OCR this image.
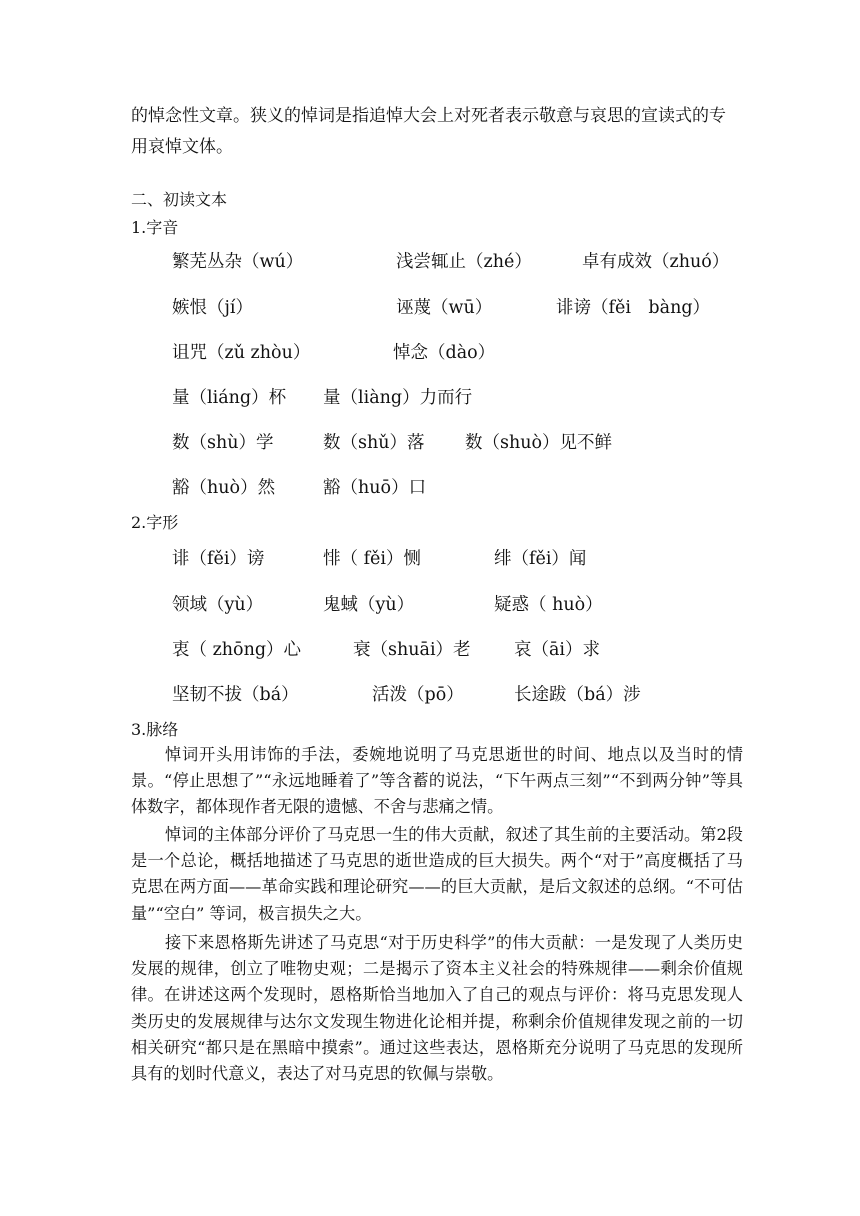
的悼念性文章。狭义的悼词是指追悼大会上对死者表示敬意与哀思的宣读式的专
用哀悼文体。
二、初读文本
1.字音
繁芜丛杂（wú）	浅尝辄止（zhé）	卓有成效（zhuó）
嫉恨（jí）	诬蔑（wū）	诽谤（fěi　bàng）
诅咒（zǔ zhòu）	悼念（dào）
量（liáng）杯 量（liàng）力而行
数（shù）学	数（shǔ）落 数（shuò）见不鲜
豁（huò）然	豁（huō）口
2.字形
诽（fěi）谤	悱（ fěi）恻	绯（fěi）闻
领域（yù）	鬼蜮（yù）	疑惑（ huò）
衷（ zhōng）心	衰（shuāi）老 哀（āi）求
坚韧不拔（bá）	活泼（pō）	长途跋（bá）涉
3.脉络
悼词开头用讳饰的手法，委婉地说明了马克思逝世的时间、地点以及当时的情景。“停止思想了”“永远地睡着了”等含蓄的说法，“下午两点三刻”“不到两分钟”等具体数字，都体现作者无限的遗憾、不舍与悲痛之情。
悼词的主体部分评价了马克思一生的伟大贡献，叙述了其生前的主要活动。第2段是一个总论，概括地描述了马克思的逝世造成的巨大损失。两个“对于”高度概括了马克思在两方面——革命实践和理论研究——的巨大贡献，是后文叙述的总纲。“不可估量”“空白” 等词，极言损失之大。
接下来恩格斯先讲述了马克思“对于历史科学”的伟大贡献：一是发现了人类历史发展的规律，创立了唯物史观；二是揭示了资本主义社会的特殊规律——剩余价值规律。在讲述这两个发现时，恩格斯恰当地加入了自己的观点与评价：将马克思发现人类历史的发展规律与达尔文发现生物进化论相并提，称剩余价值规律发现之前的一切相关研究“都只是在黑暗中摸索”。通过这些表达，恩格斯充分说明了马克思的发现所具有的划时代意义，表达了对马克思的钦佩与崇敬。
